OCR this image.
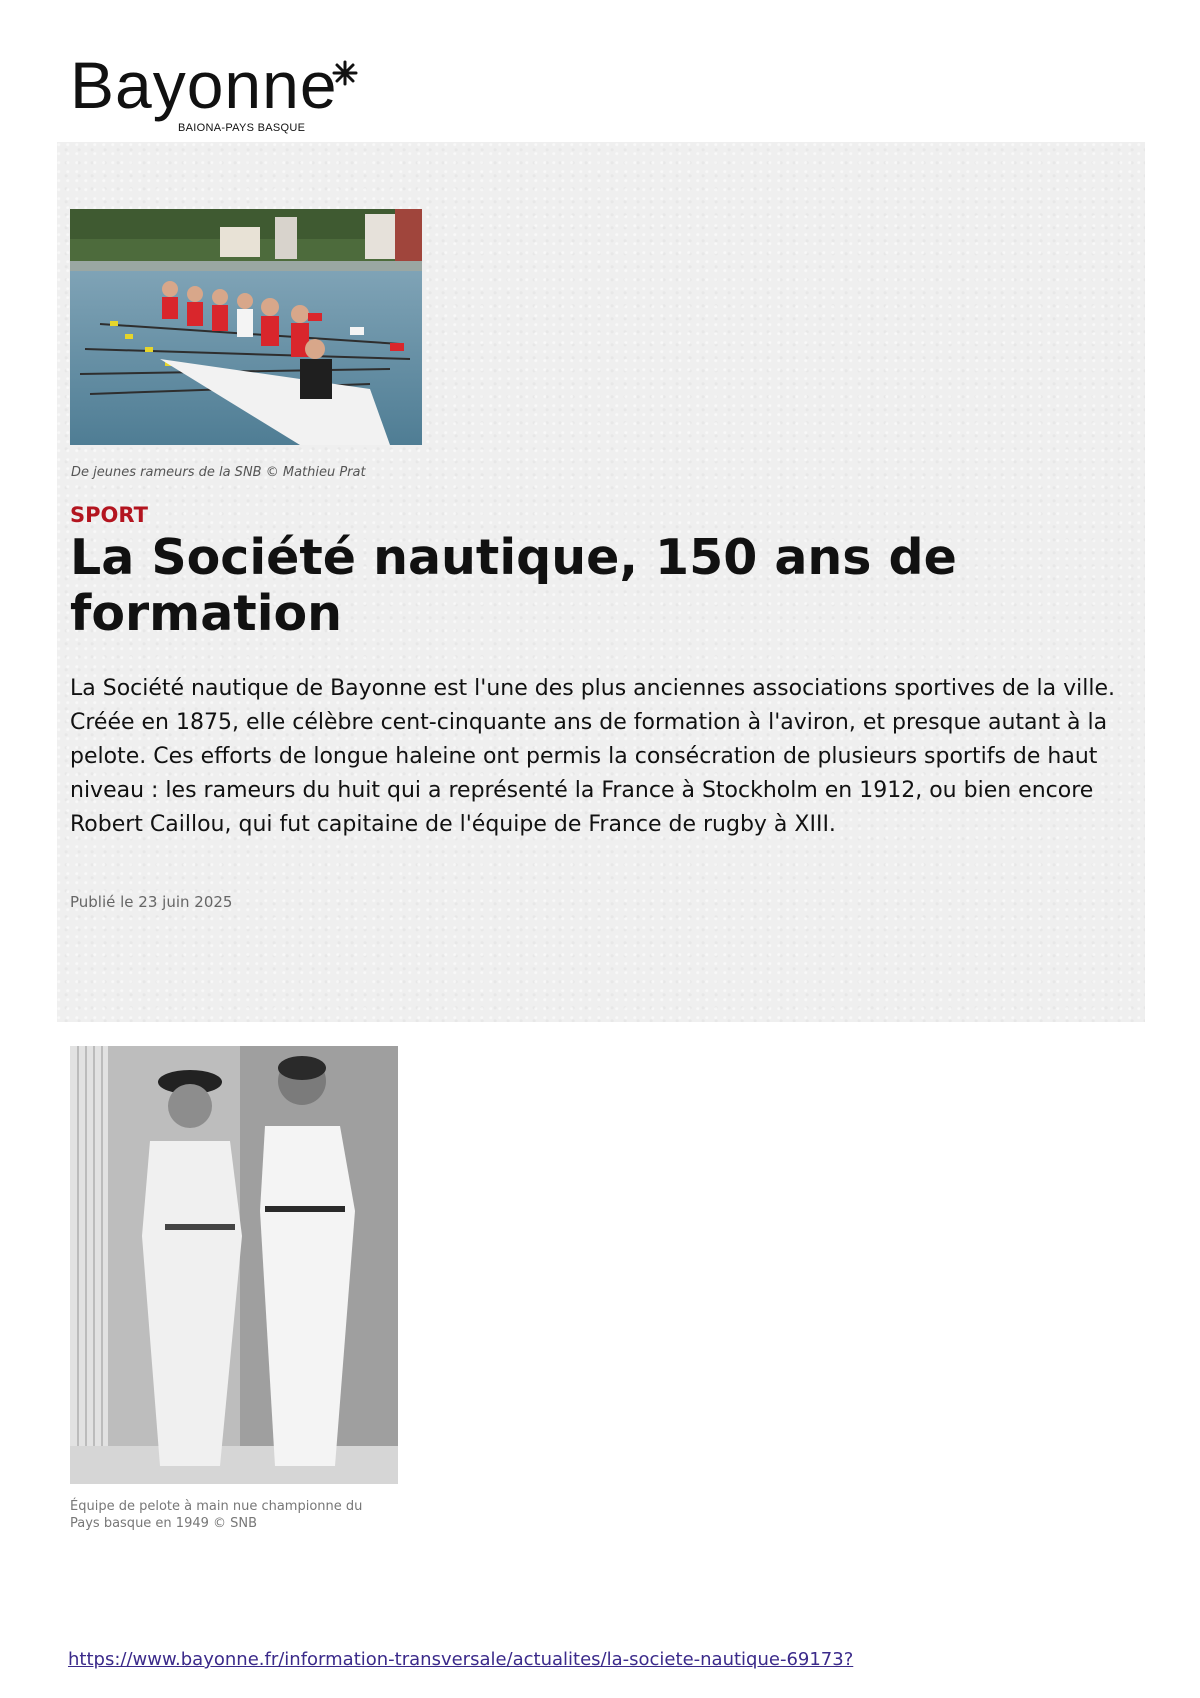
Bayonne
BAIONA-PAYS BASQUE
De jeunes rameurs de la SNB © Mathieu Prat
SPORT
La Société nautique, 150 ans de formation

La Société nautique de Bayonne est l'une des plus anciennes associations sportives de la ville. Créée en 1875, elle célèbre cent-cinquante ans de formation à l'aviron, et presque autant à la pelote. Ces efforts de longue haleine ont permis la consécration de plusieurs sportifs de haut niveau : les rameurs du huit qui a représenté la France à Stockholm en 1912, ou bien encore Robert Caillou, qui fut capitaine de l'équipe de France de rugby à XIII.

Publié le 23 juin 2025
Équipe de pelote à main nue championne du Pays basque en 1949 © SNB
https://www.bayonne.fr/information-transversale/actualites/la-societe-nautique-69173?
